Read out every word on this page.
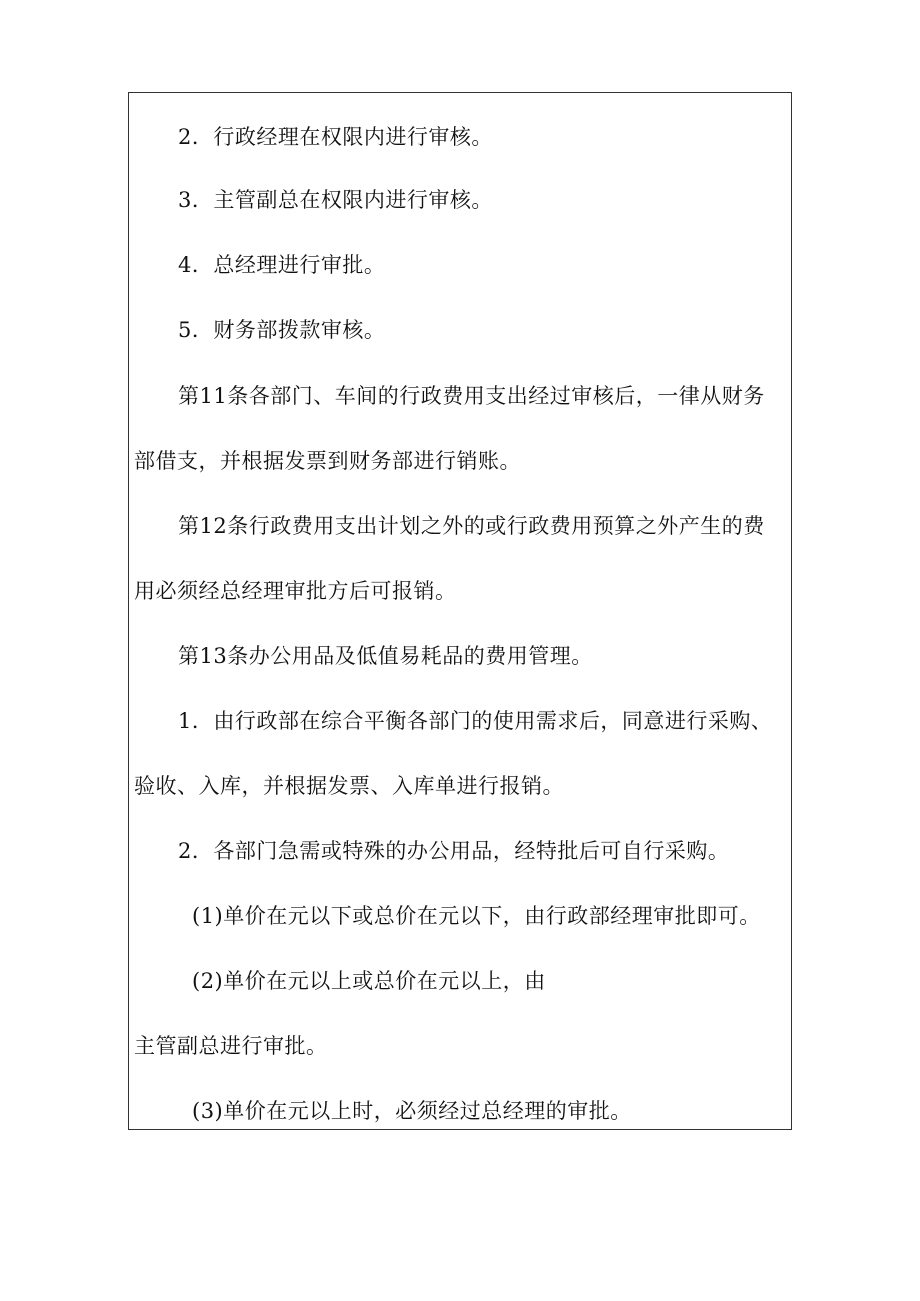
2．行政经理在权限内进行审核。
3．主管副总在权限内进行审核。
4．总经理进行审批。
5．财务部拨款审核。
第11条各部门、车间的行政费用支出经过审核后，一律从财务
部借支，并根据发票到财务部进行销账。
第12条行政费用支出计划之外的或行政费用预算之外产生的费
用必须经总经理审批方后可报销。
第13条办公用品及低值易耗品的费用管理。
1．由行政部在综合平衡各部门的使用需求后，同意进行采购、
验收、入库，并根据发票、入库单进行报销。
2．各部门急需或特殊的办公用品，经特批后可自行采购。
(1)单价在元以下或总价在元以下，由行政部经理审批即可。
(2)单价在元以上或总价在元以上，由
主管副总进行审批。
(3)单价在元以上时，必须经过总经理的审批。
